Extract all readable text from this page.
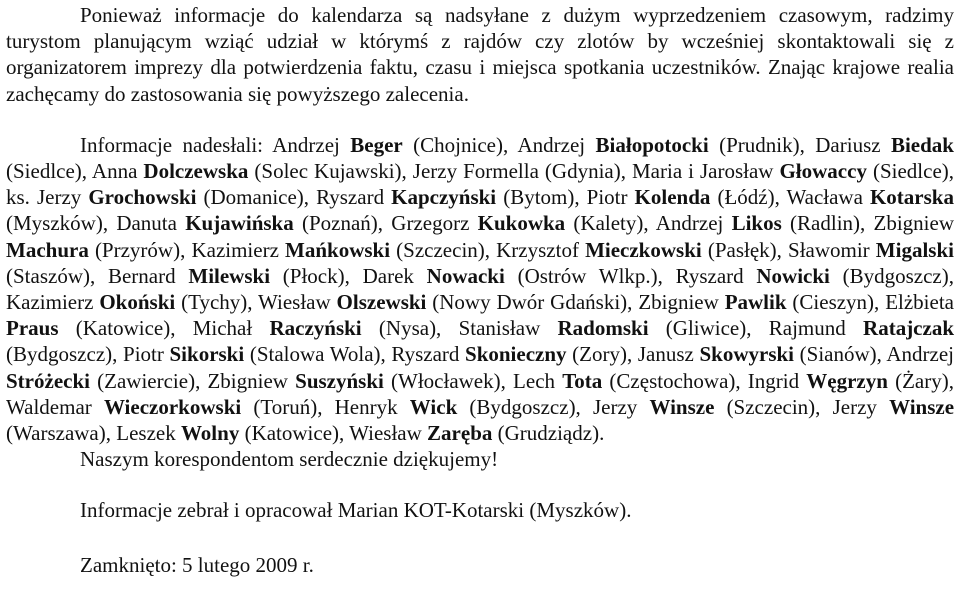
Ponieważ informacje do kalendarza są nadsyłane z dużym wyprzedzeniem czasowym, radzimy turystom planującym wziąć udział w którymś z rajdów czy zlotów by wcześniej skontaktowali się z organizatorem imprezy dla potwierdzenia faktu, czasu i miejsca spotkania uczestników. Znając krajowe realia zachęcamy do zastosowania się powyższego zalecenia.

Informacje nadesłali: Andrzej Beger (Chojnice), Andrzej Białopotocki (Prudnik), Dariusz Biedak (Siedlce), Anna Dolczewska (Solec Kujawski), Jerzy Formella (Gdynia), Maria i Jarosław Głowaccy (Siedlce), ks. Jerzy Grochowski (Domanice), Ryszard Kapczyński (Bytom), Piotr Kolenda (Łódź), Wacława Kotarska (Myszków), Danuta Kujawińska (Poznań), Grzegorz Kukowka (Kalety), Andrzej Likos (Radlin), Zbigniew Machura (Przyrów), Kazimierz Mańkowski (Szczecin), Krzysztof Mieczkowski (Pasłęk), Sławomir Migalski (Staszów), Bernard Milewski (Płock), Darek Nowacki (Ostrów Wlkp.), Ryszard Nowicki (Bydgoszcz), Kazimierz Okoński (Tychy), Wiesław Olszewski (Nowy Dwór Gdański), Zbigniew Pawlik (Cieszyn), Elżbieta Praus (Katowice), Michał Raczyński (Nysa), Stanisław Radomski (Gliwice), Rajmund Ratajczak (Bydgoszcz), Piotr Sikorski (Stalowa Wola), Ryszard Skonieczny (Zory), Janusz Skowyrski (Sianów), Andrzej Stróżecki (Zawiercie), Zbigniew Suszyński (Włocławek), Lech Tota (Częstochowa), Ingrid Węgrzyn (Żary), Waldemar Wieczorkowski (Toruń), Henryk Wick (Bydgoszcz), Jerzy Winsze (Szczecin), Jerzy Winsze (Warszawa), Leszek Wolny (Katowice), Wiesław Zaręba (Grudziądz).

Naszym korespondentom serdecznie dziękujemy!

Informacje zebrał i opracował Marian KOT-Kotarski (Myszków).

Zamknięto: 5 lutego 2009 r.
